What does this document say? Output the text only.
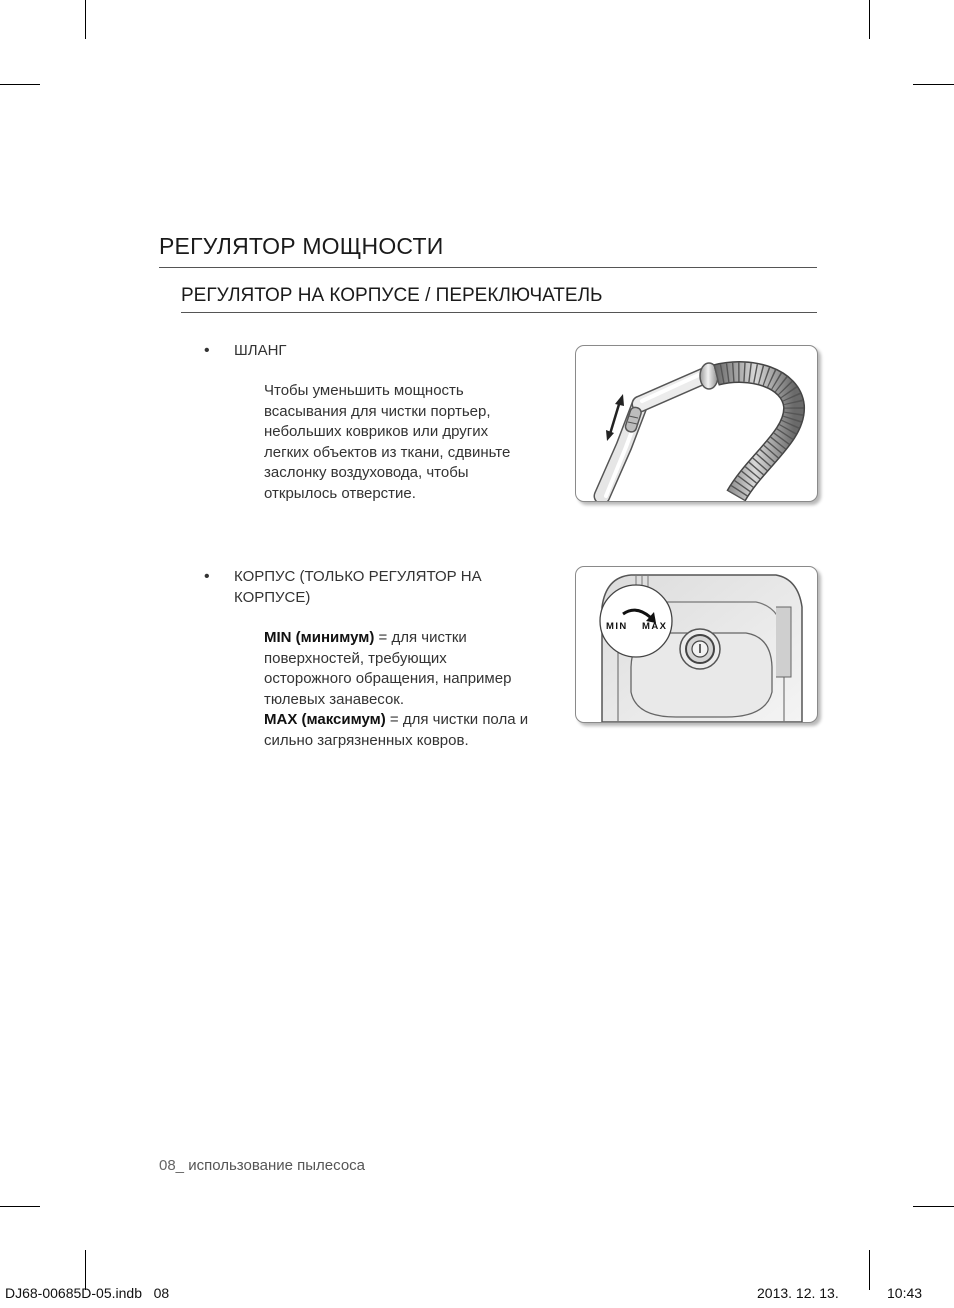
РЕГУЛЯТОР МОЩНОСТИ
РЕГУЛЯТОР НА КОРПУСЕ / ПЕРЕКЛЮЧАТЕЛЬ
• ШЛАНГ
Чтобы уменьшить мощность
всасывания для чистки портьер,
небольших ковриков или других
легких объектов из ткани, сдвиньте
заслонку воздуховода, чтобы
открылось отверстие.
• КОРПУС (ТОЛЬКО РЕГУЛЯТОР НА
КОРПУСЕ)
MIN (минимум) = для чистки
поверхностей, требующих
осторожного обращения, например
тюлевых занавесок.
MAX (максимум) = для чистки пола и
сильно загрязненных ковров.
MIN MAX
08_ использование пылесоса
DJ68-00685D-05.indb   08	2013. 12. 13.	10:43
